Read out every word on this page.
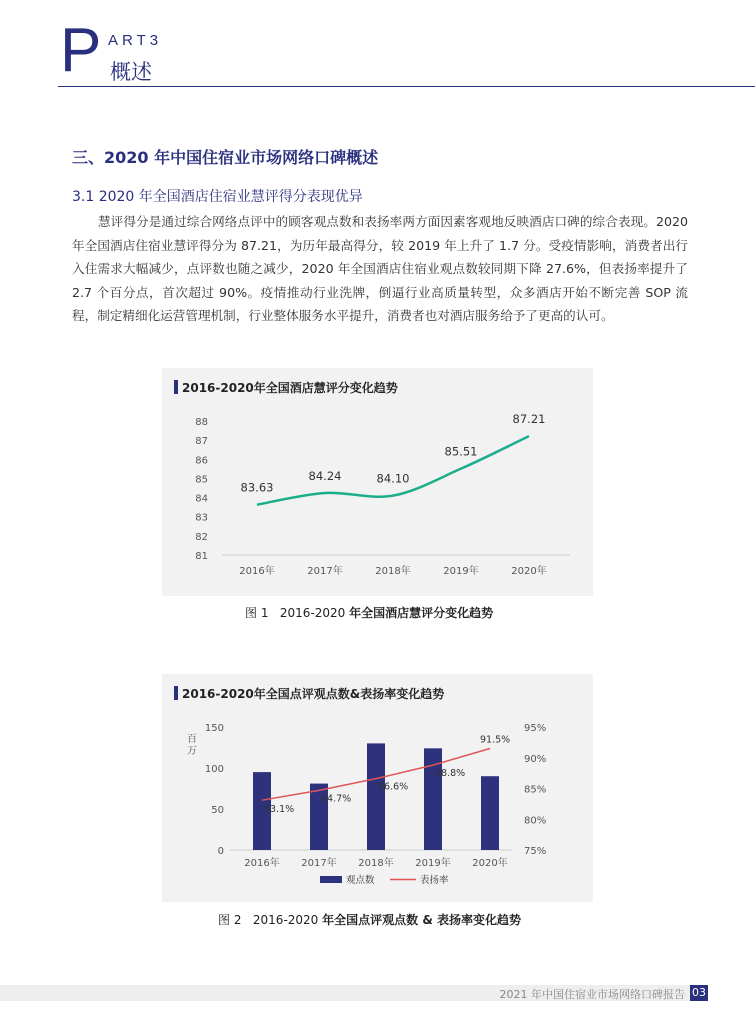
P ART3
概述
三、2020 年中国住宿业市场网络口碑概述
3.1 2020 年全国酒店住宿业慧评得分表现优异
慧评得分是通过综合网络点评中的顾客观点数和表扬率两方面因素客观地反映酒店口碑的综合表现。2020 年全国酒店住宿业慧评得分为 87.21，为历年最高得分，较 2019 年上升了 1.7 分。受疫情影响，消费者出行入住需求大幅减少，点评数也随之减少，2020 年全国酒店住宿业观点数较同期下降 27.6%，但表扬率提升了 2.7 个百分点，首次超过 90%。疫情推动行业洗牌，倒逼行业高质量转型，众多酒店开始不断完善 SOP 流程，制定精细化运营管理机制，行业整体服务水平提升，消费者也对酒店服务给予了更高的认可。
2016-2020年全国酒店慧评分变化趋势
88
87
86
85
84
83
82
81
2016年	2017年	2018年	2019年	2020年
83.63
84.24	84.10
85.51
87.21
图 1 2016-2020 年全国酒店慧评分变化趋势
2016-2020年全国点评观点数&表扬率变化趋势
150
100
50
0
95%
90%
85%
80%
75%
百
万
2016年 2017年 2018年 2019年 2020年
83.1%
84.7%
86.6%
88.8%
91.5%
观点数	表扬率
图 2 2016-2020 年全国点评观点数 & 表扬率变化趋势
2021 年中国住宿业市场网络口碑报告 03
